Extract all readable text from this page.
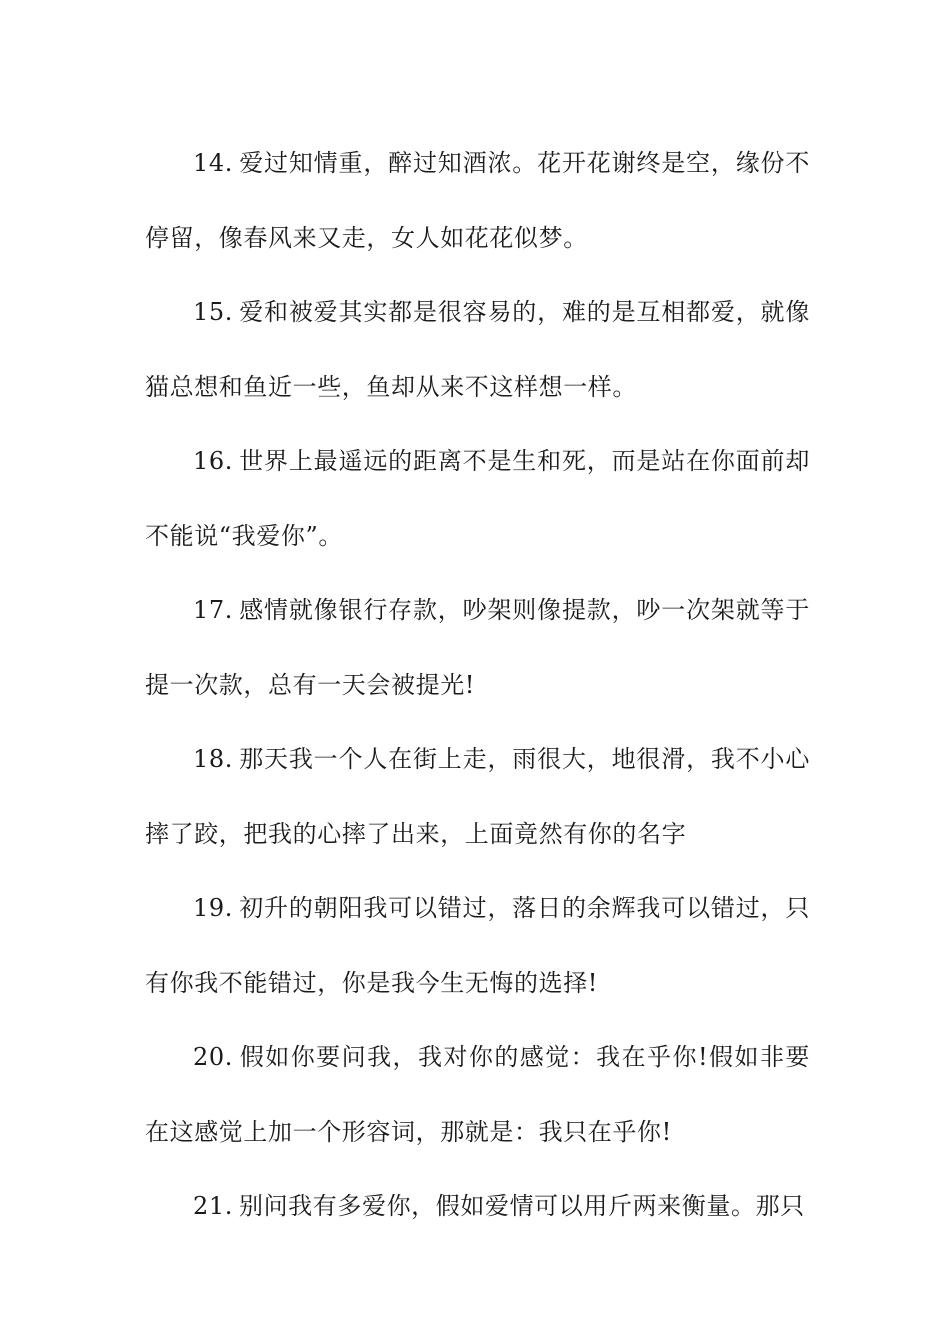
14. 爱过知情重，醉过知酒浓。花开花谢终是空，缘份不停留，像春风来又走，女人如花花似梦。

15. 爱和被爱其实都是很容易的，难的是互相都爱，就像猫总想和鱼近一些，鱼却从来不这样想一样。

16. 世界上最遥远的距离不是生和死，而是站在你面前却不能说“我爱你”。

17. 感情就像银行存款，吵架则像提款，吵一次架就等于提一次款，总有一天会被提光!

18. 那天我一个人在街上走，雨很大，地很滑，我不小心摔了跤，把我的心摔了出来，上面竟然有你的名字

19. 初升的朝阳我可以错过，落日的余辉我可以错过，只有你我不能错过，你是我今生无悔的选择!

20. 假如你要问我，我对你的感觉：我在乎你!假如非要在这感觉上加一个形容词，那就是：我只在乎你!

21. 别问我有多爱你，假如爱情可以用斤两来衡量。那只
